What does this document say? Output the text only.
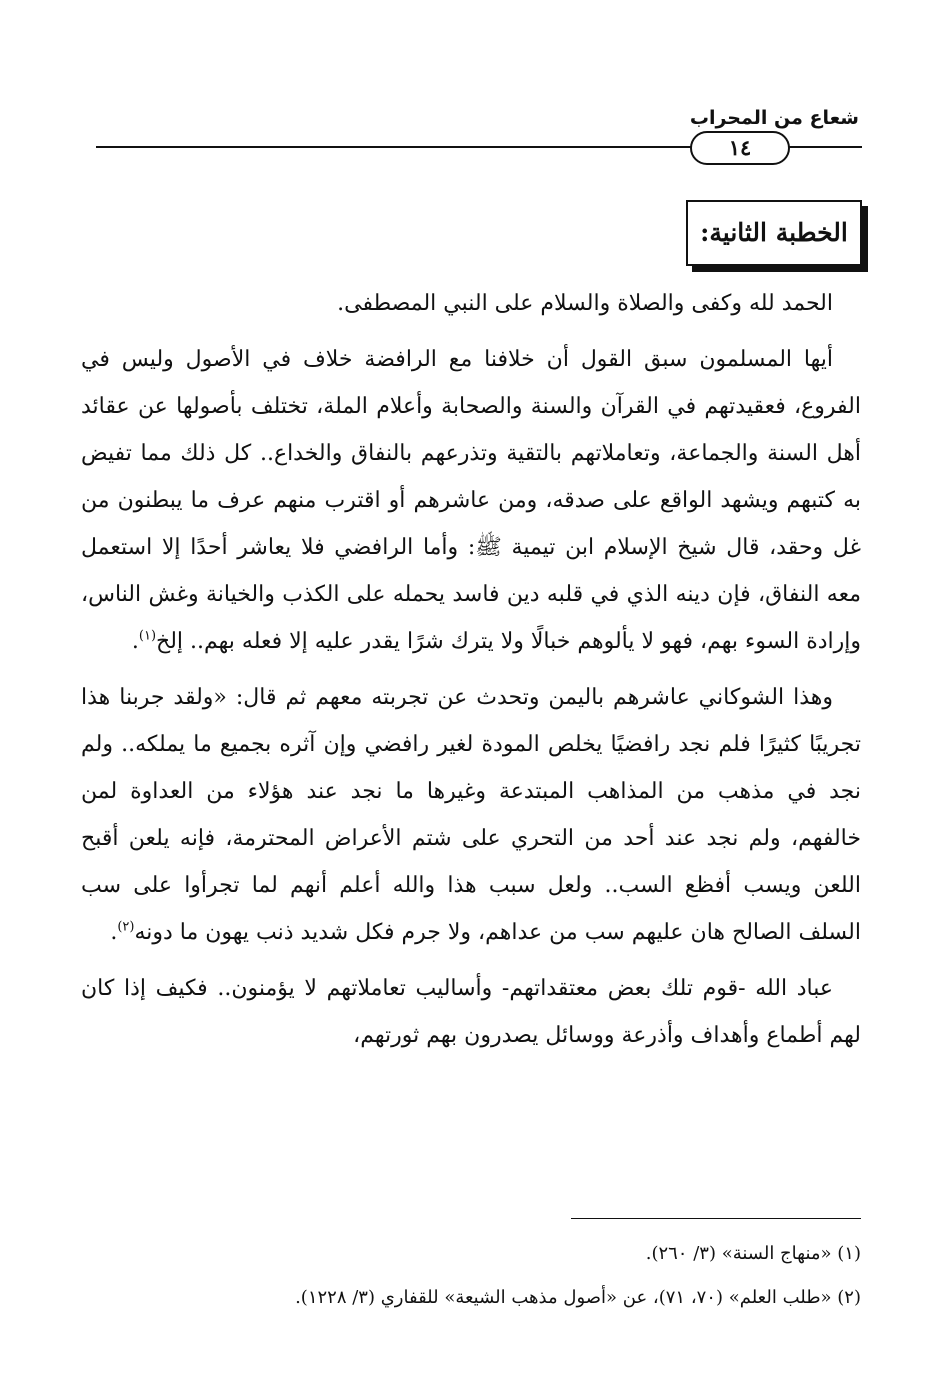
شعاع من المحراب
١٤
الخطبة الثانية:

الحمد لله وكفى والصلاة والسلام على النبي المصطفى.

أيها المسلمون سبق القول أن خلافنا مع الرافضة خلاف في الأصول وليس في الفروع، فعقيدتهم في القرآن والسنة والصحابة وأعلام الملة، تختلف بأصولها عن عقائد أهل السنة والجماعة، وتعاملاتهم بالتقية وتذرعهم بالنفاق والخداع.. كل ذلك مما تفيض به كتبهم ويشهد الواقع على صدقه، ومن عاشرهم أو اقترب منهم عرف ما يبطنون من غل وحقد، قال شيخ الإسلام ابن تيمية ﷺ: وأما الرافضي فلا يعاشر أحدًا إلا استعمل معه النفاق، فإن دينه الذي في قلبه دين فاسد يحمله على الكذب والخيانة وغش الناس، وإرادة السوء بهم، فهو لا يألوهم خبالًا ولا يترك شرًا يقدر عليه إلا فعله بهم.. إلخ$^{(١)}$.

وهذا الشوكاني عاشرهم باليمن وتحدث عن تجربته معهم ثم قال: «ولقد جربنا هذا تجريبًا كثيرًا فلم نجد رافضيًا يخلص المودة لغير رافضي وإن آثره بجميع ما يملكه.. ولم نجد في مذهب من المذاهب المبتدعة وغيرها ما نجد عند هؤلاء من العداوة لمن خالفهم، ولم نجد عند أحد من التحري على شتم الأعراض المحترمة، فإنه يلعن أقبح اللعن ويسب أفظع السب.. ولعل سبب هذا والله أعلم أنهم لما تجرأوا على سب السلف الصالح هان عليهم سب من عداهم، ولا جرم فكل شديد ذنب يهون ما دونه$^{(٢)}$.

عباد الله -قوم تلك بعض معتقداتهم- وأساليب تعاملاتهم لا يؤمنون.. فكيف إذا كان لهم أطماع وأهداف وأذرعة ووسائل يصدرون بهم ثورتهم،

(١) «منهاج السنة» (٣/ ٢٦٠).
(٢) «طلب العلم» (٧٠، ٧١)، عن «أصول مذهب الشيعة» للقفاري (٣/ ١٢٢٨).
